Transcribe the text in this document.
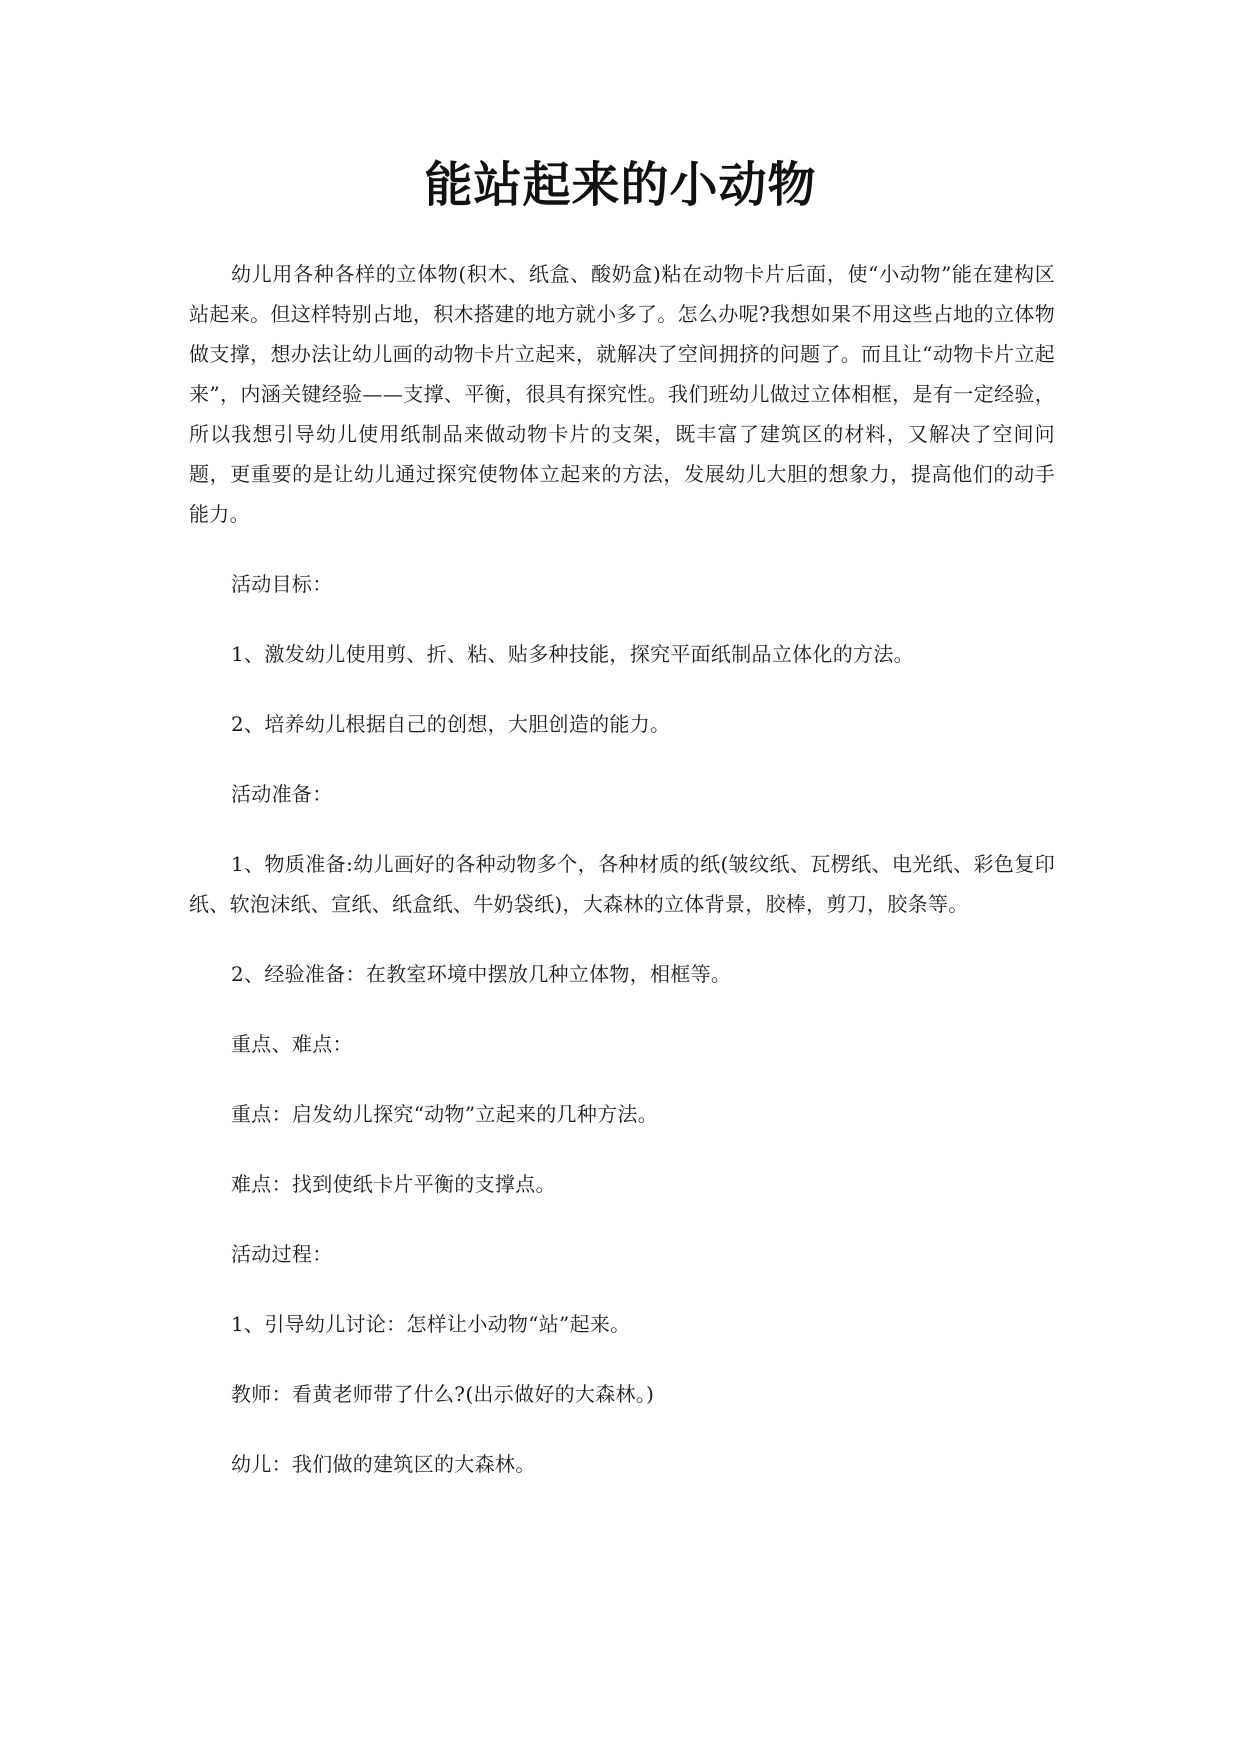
能站起来的小动物

幼儿用各种各样的立体物(积木、纸盒、酸奶盒)粘在动物卡片后面，使“小动物”能在建构区站起来。但这样特别占地，积木搭建的地方就小多了。怎么办呢?我想如果不用这些占地的立体物做支撑，想办法让幼儿画的动物卡片立起来，就解决了空间拥挤的问题了。而且让“动物卡片立起来”，内涵关键经验——支撑、平衡，很具有探究性。我们班幼儿做过立体相框，是有一定经验，所以我想引导幼儿使用纸制品来做动物卡片的支架，既丰富了建筑区的材料，又解决了空间问题，更重要的是让幼儿通过探究使物体立起来的方法，发展幼儿大胆的想象力，提高他们的动手能力。

活动目标：

1、激发幼儿使用剪、折、粘、贴多种技能，探究平面纸制品立体化的方法。

2、培养幼儿根据自己的创想，大胆创造的能力。

活动准备：

1、物质准备:幼儿画好的各种动物多个，各种材质的纸(皱纹纸、瓦楞纸、电光纸、彩色复印纸、软泡沫纸、宣纸、纸盒纸、牛奶袋纸)，大森林的立体背景，胶棒，剪刀，胶条等。

2、经验准备：在教室环境中摆放几种立体物，相框等。

重点、难点：

重点：启发幼儿探究“动物”立起来的几种方法。

难点：找到使纸卡片平衡的支撑点。

活动过程：

1、引导幼儿讨论：怎样让小动物“站”起来。

教师：看黄老师带了什么?(出示做好的大森林。)

幼儿：我们做的建筑区的大森林。
